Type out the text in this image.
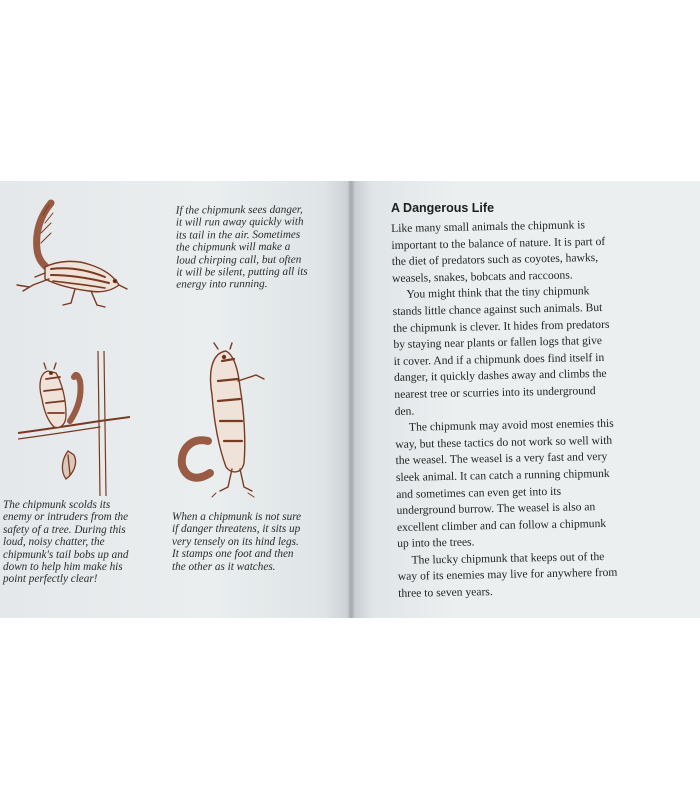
If the chipmunk sees danger,
it will run away quickly with
its tail in the air. Sometimes
the chipmunk will make a
loud chirping call, but often
it will be silent, putting all its
energy into running.
The chipmunk scolds its
enemy or intruders from the
safety of a tree. During this
loud, noisy chatter, the
chipmunk's tail bobs up and
down to help him make his
point perfectly clear!
When a chipmunk is not sure
if danger threatens, it sits up
very tensely on its hind legs.
It stamps one foot and then
the other as it watches.
A Dangerous Life
Like many small animals the chipmunk is
important to the balance of nature. It is part of
the diet of predators such as coyotes, hawks,
weasels, snakes, bobcats and raccoons.
You might think that the tiny chipmunk
stands little chance against such animals. But
the chipmunk is clever. It hides from predators
by staying near plants or fallen logs that give
it cover. And if a chipmunk does find itself in
danger, it quickly dashes away and climbs the
nearest tree or scurries into its underground
den.
The chipmunk may avoid most enemies this
way, but these tactics do not work so well with
the weasel. The weasel is a very fast and very
sleek animal. It can catch a running chipmunk
and sometimes can even get into its
underground burrow. The weasel is also an
excellent climber and can follow a chipmunk
up into the trees.
The lucky chipmunk that keeps out of the
way of its enemies may live for anywhere from
three to seven years.
